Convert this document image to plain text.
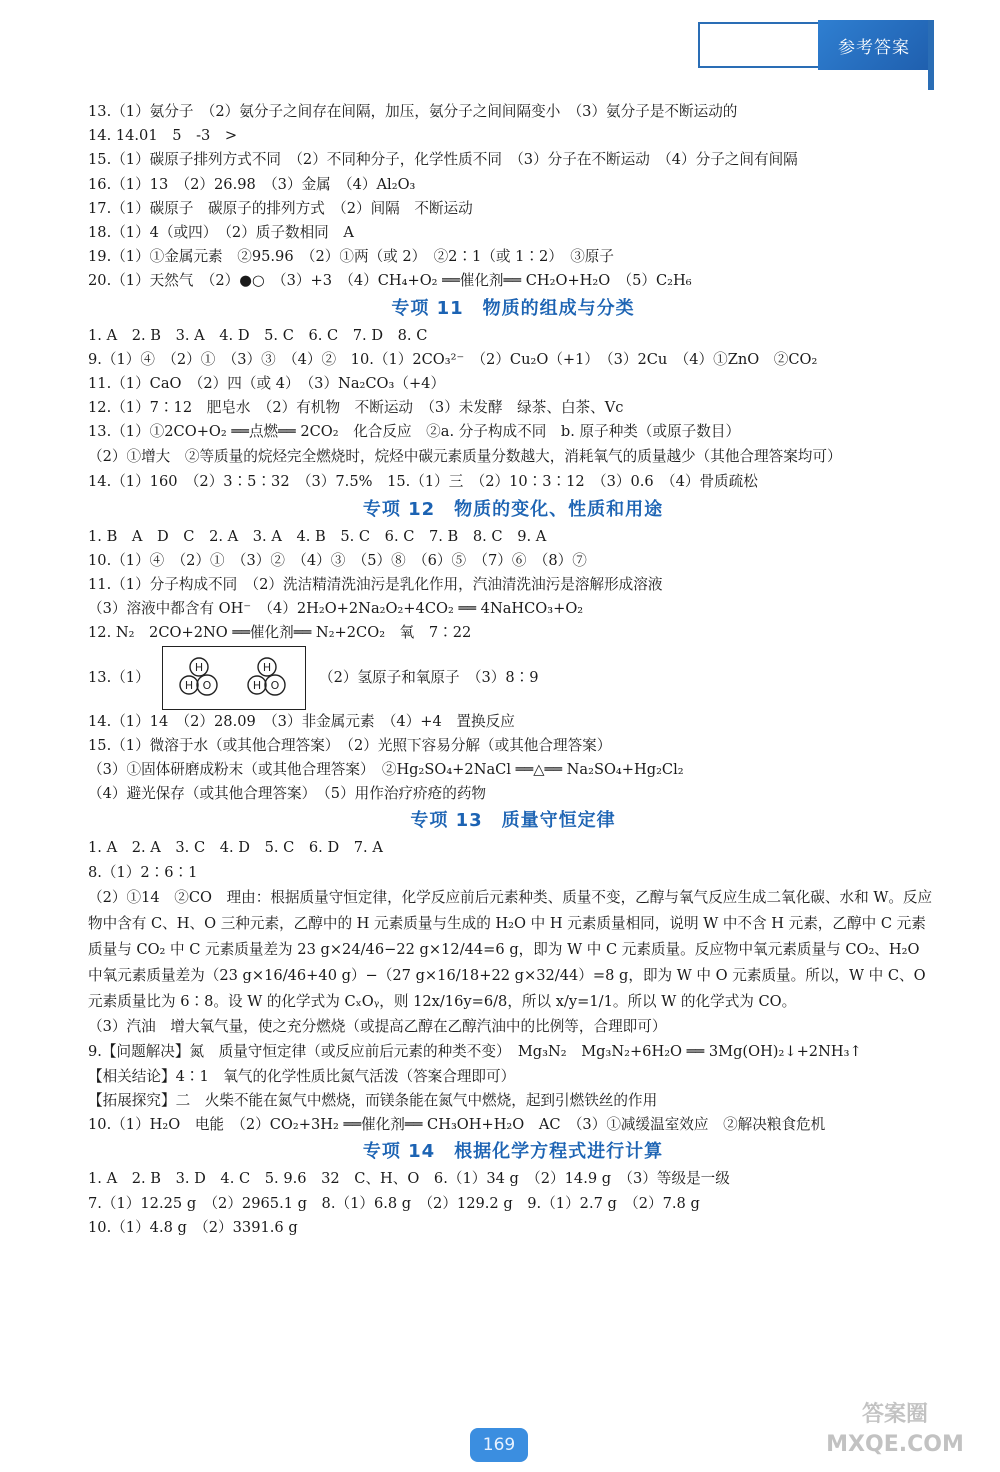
参考答案
13.（1）氨分子　（2）氨分子之间存在间隔，加压，氨分子之间间隔变小　（3）氨分子是不断运动的
14. 14.01　5　-3　>
15.（1）碳原子排列方式不同　（2）不同种分子，化学性质不同　（3）分子在不断运动　（4）分子之间有间隔
16.（1）13　（2）26.98　（3）金属　（4）Al₂O₃
17.（1）碳原子　碳原子的排列方式　（2）间隔　不断运动
18.（1）4（或四）　（2）质子数相同　A
19.（1）①金属元素　②95.96　（2）①两（或 2）　②2∶1（或 1∶2）　③原子
20.（1）天然气　（2）●○　（3）+3　（4）CH₄+O₂ ══催化剂══ CH₂O+H₂O　（5）C₂H₆
专项 11　物质的组成与分类
1. A　2. B　3. A　4. D　5. C　6. C　7. D　8. C
9.（1）④　（2）①　（3）③　（4）②　10.（1）2CO₃²⁻　（2）Cu₂O（+1）　（3）2Cu　（4）①ZnO　②CO₂
11.（1）CaO　（2）四（或 4）　（3）Na₂CO₃（+4）
12.（1）7∶12　肥皂水　（2）有机物　不断运动　（3）未发酵　绿茶、白茶、Vc
13.（1）①2CO+O₂ ══点燃══ 2CO₂　化合反应　②a. 分子构成不同　b. 原子种类（或原子数目）
（2）①增大　②等质量的烷烃完全燃烧时，烷烃中碳元素质量分数越大，消耗氧气的质量越少（其他合理答案均可）
14.（1）160　（2）3∶5∶32　（3）7.5%　15.（1）三　（2）10∶3∶12　（3）0.6　（4）骨质疏松
专项 12　物质的变化、性质和用途
1. B　A　D　C　2. A　3. A　4. B　5. C　6. C　7. B　8. C　9. A
10.（1）④　（2）①　（3）②　（4）③　（5）⑧　（6）⑤　（7）⑥　（8）⑦
11.（1）分子构成不同　（2）洗洁精清洗油污是乳化作用，汽油清洗油污是溶解形成溶液
（3）溶液中都含有 OH⁻　（4）2H₂O+2Na₂O₂+4CO₂ ══ 4NaHCO₃+O₂
12. N₂　2CO+2NO ══催化剂══ N₂+2CO₂　氧　7∶22
13.（1）
H
H O
H
H O	（2）氢原子和氧原子　（3）8∶9
14.（1）14　（2）28.09　（3）非金属元素　（4）+4　置换反应
15.（1）微溶于水（或其他合理答案）　（2）光照下容易分解（或其他合理答案）
（3）①固体研磨成粉末（或其他合理答案）　②Hg₂SO₄+2NaCl ══△══ Na₂SO₄+Hg₂Cl₂
（4）避光保存（或其他合理答案）　（5）用作治疗疥疮的药物
专项 13　质量守恒定律
1. A　2. A　3. C　4. D　5. C　6. D　7. A
8.（1）2∶6∶1
（2）①14　②CO　理由：根据质量守恒定律，化学反应前后元素种类、质量不变，乙醇与氧气反应生成二氧化碳、水和 W。反应物中含有 C、H、O 三种元素，乙醇中的 H 元素质量与生成的 H₂O 中 H 元素质量相同，说明 W 中不含 H 元素，乙醇中 C 元素质量与 CO₂ 中 C 元素质量差为 23 g×24/46−22 g×12/44=6 g，即为 W 中 C 元素质量。反应物中氧元素质量与 CO₂、H₂O 中氧元素质量差为（23 g×16/46+40 g）−（27 g×16/18+22 g×32/44）=8 g，即为 W 中 O 元素质量。所以，W 中 C、O 元素质量比为 6∶8。设 W 的化学式为 CₓOᵧ，则 12x/16y=6/8，所以 x/y=1/1。所以 W 的化学式为 CO。
（3）汽油　增大氧气量，使之充分燃烧（或提高乙醇在乙醇汽油中的比例等，合理即可）
9.【问题解决】氮　质量守恒定律（或反应前后元素的种类不变）　Mg₃N₂　Mg₃N₂+6H₂O ══ 3Mg(OH)₂↓+2NH₃↑
【相关结论】4∶1　氧气的化学性质比氮气活泼（答案合理即可）
【拓展探究】二　火柴不能在氮气中燃烧，而镁条能在氮气中燃烧，起到引燃铁丝的作用
10.（1）H₂O　电能　（2）CO₂+3H₂ ══催化剂══ CH₃OH+H₂O　AC　（3）①减缓温室效应　②解决粮食危机
专项 14　根据化学方程式进行计算
1. A　2. B　3. D　4. C　5. 9.6　32　C、H、O　6.（1）34 g　（2）14.9 g　（3）等级是一级
7.（1）12.25 g　（2）2965.1 g　8.（1）6.8 g　（2）129.2 g　9.（1）2.7 g　（2）7.8 g
10.（1）4.8 g　（2）3391.6 g
169
答案圈 MXQE.COM
